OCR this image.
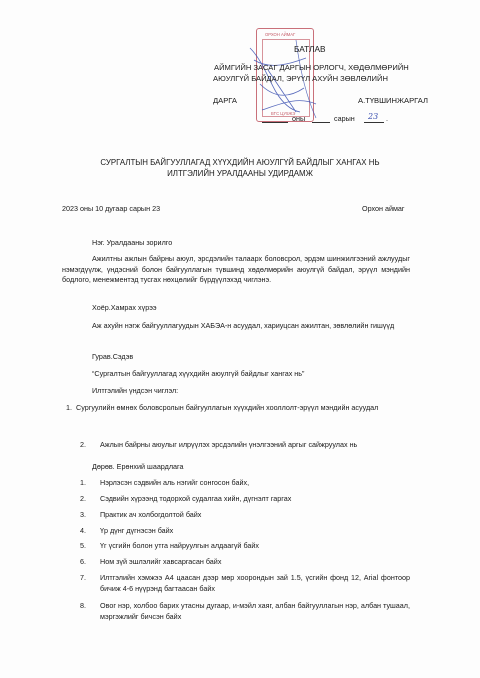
ОРХОН АЙМАГ
БТС ЦУ5ЖЭ
БАТЛАВ
АЙМГИЙН ЗАСАГ ДАРГЫН ОРЛОГЧ, ХӨДӨЛМӨРИЙН
АЮУЛГҮЙ БАЙДАЛ, ЭРҮҮЛ АХУЙН ЗӨВЛӨЛИЙН
ДАРГА	А.ТҮВШИНЖАРГАЛ
оны	сарын 23 .
СУРГАЛТЫН БАЙГУУЛЛАГАД ХҮҮХДИЙН АЮУЛГҮЙ БАЙДЛЫГ ХАНГАХ НЬ
ИЛТГЭЛИЙН УРАЛДААНЫ УДИРДАМЖ
2023 оны 10 дугаар сарын 23	Орхон аймаг
Нэг. Уралдааны зорилго
Ажилтны ажлын байрны аюул, эрсдэлийн талаарх боловсрол, эрдэм шинжилгээний ажлуудыг нэмэгдүүлж, үндэсний болон байгууллагын түвшинд хөдөлмөрийн аюулгүй байдал, эрүүл мэндийн бодлого, менежментэд тусгах нөхцөлийг бүрдүүлэхэд чиглэнэ.
Хоёр.Хамрах хүрээ
Аж ахуйн нэгж байгууллагуудын ХАБЭА-н асуудал, хариуцсан ажилтан, зөвлөлийн гишүүд
Гурав.Сэдэв
“Сургалтын байгууллагад хүүхдийн аюулгүй байдлыг хангах нь”
Илтгэлийн үндсэн чиглэл:
1. Сургуулийн өмнөх боловсролын байгууллагын хүүхдийн хооллолт-эрүүл мэндийн асуудал
2. Ажлын байрны аюулыг илрүүлэх эрсдэлийн үнэлгээний аргыг сайжруулах нь
Дөрөв. Ерөнхий шаардлага
1. Нэрлэсэн сэдвийн аль нэгийг сонгосон байх,
2. Сэдвийн хүрээнд тодорхой судалгаа хийн, дүгнэлт гаргах
3. Практик ач холбогдолтой байх
4. Үр дүнг дүгнэсэн байх
5. Үг үсгийн болон утга найруулгын алдаагүй байх
6. Ном зүй эшлэлийг хавсаргасан байх
7. Илтгэлийн хэмжээ А4 цаасан дээр мөр хоорондын зай 1.5, үсгийн фонд 12, Arial фонтоор бичиж 4-6 нүүрэнд багтаасан байх
8. Овог нэр, холбоо барих утасны дугаар, и-мэйл хаяг, албан байгууллагын нэр, албан тушаал, мэргэжлийг бичсэн байх
